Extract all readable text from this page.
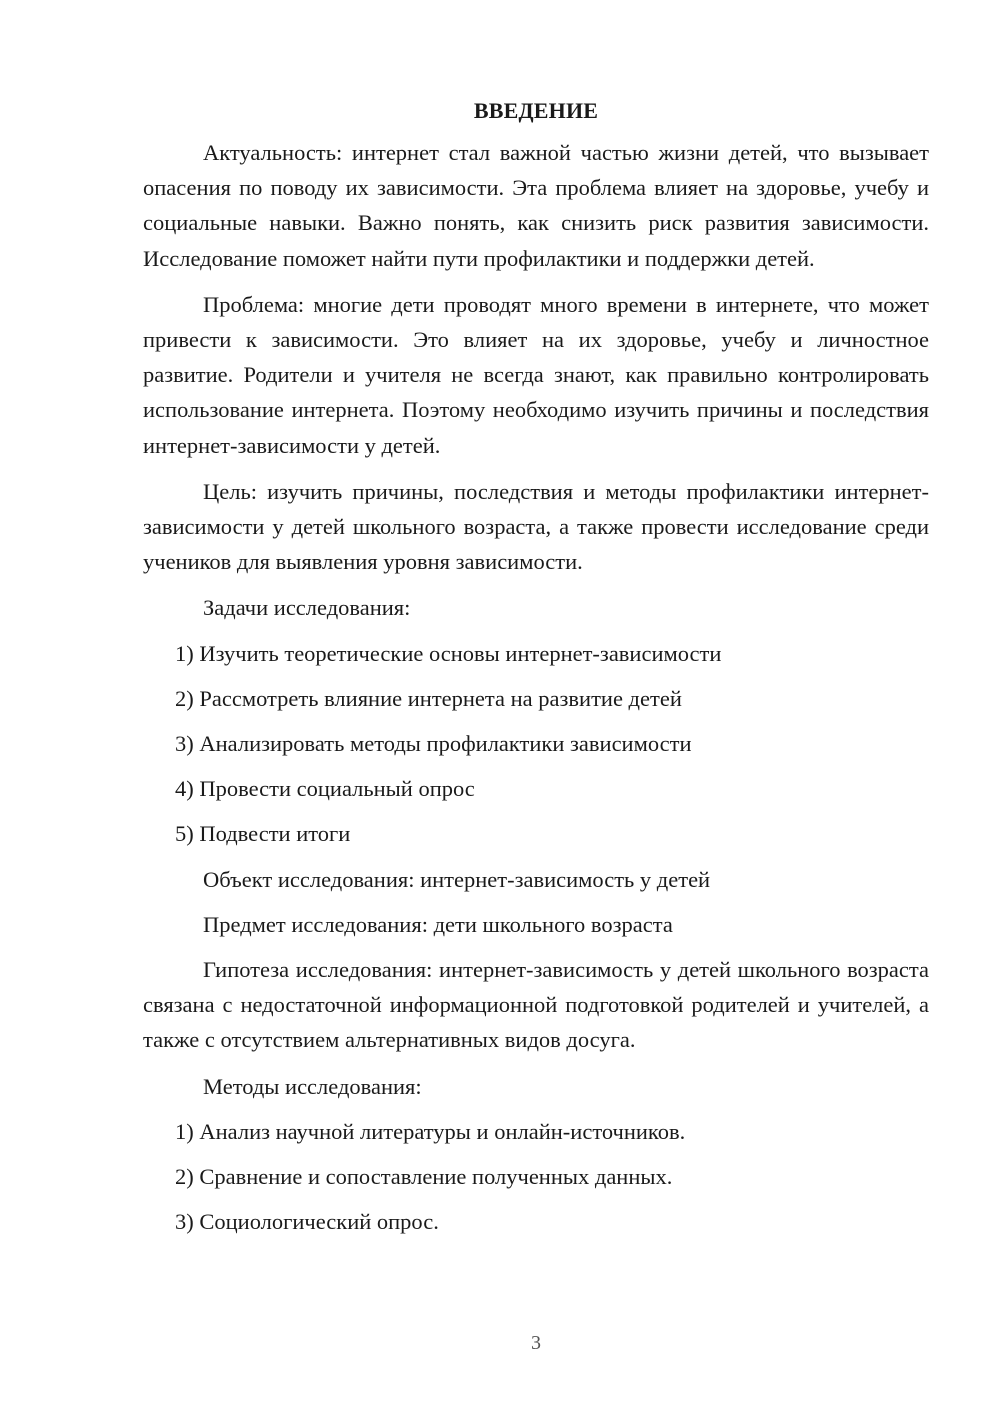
ВВЕДЕНИЕ

Актуальность: интернет стал важной частью жизни детей, что вызывает опасения по поводу их зависимости. Эта проблема влияет на здоровье, учебу и социальные навыки. Важно понять, как снизить риск развития зависимости. Исследование поможет найти пути профилактики и поддержки детей.

Проблема: многие дети проводят много времени в интернете, что может привести к зависимости. Это влияет на их здоровье, учебу и личностное развитие. Родители и учителя не всегда знают, как правильно контролировать использование интернета. Поэтому необходимо изучить причины и последствия интернет-зависимости у детей.

Цель: изучить причины, последствия и методы профилактики интернет-зависимости у детей школьного возраста, а также провести исследование среди учеников для выявления уровня зависимости.

Задачи исследования:
1) Изучить теоретические основы интернет-зависимости
2) Рассмотреть влияние интернета на развитие детей
3) Анализировать методы профилактики зависимости
4) Провести социальный опрос
5) Подвести итоги
Объект исследования: интернет-зависимость у детей
Предмет исследования: дети школьного возраста

Гипотеза исследования: интернет-зависимость у детей школьного возраста связана с недостаточной информационной подготовкой родителей и учителей, а также с отсутствием альтернативных видов досуга.

Методы исследования:
1) Анализ научной литературы и онлайн-источников.
2) Сравнение и сопоставление полученных данных.
3) Социологический опрос.
3
